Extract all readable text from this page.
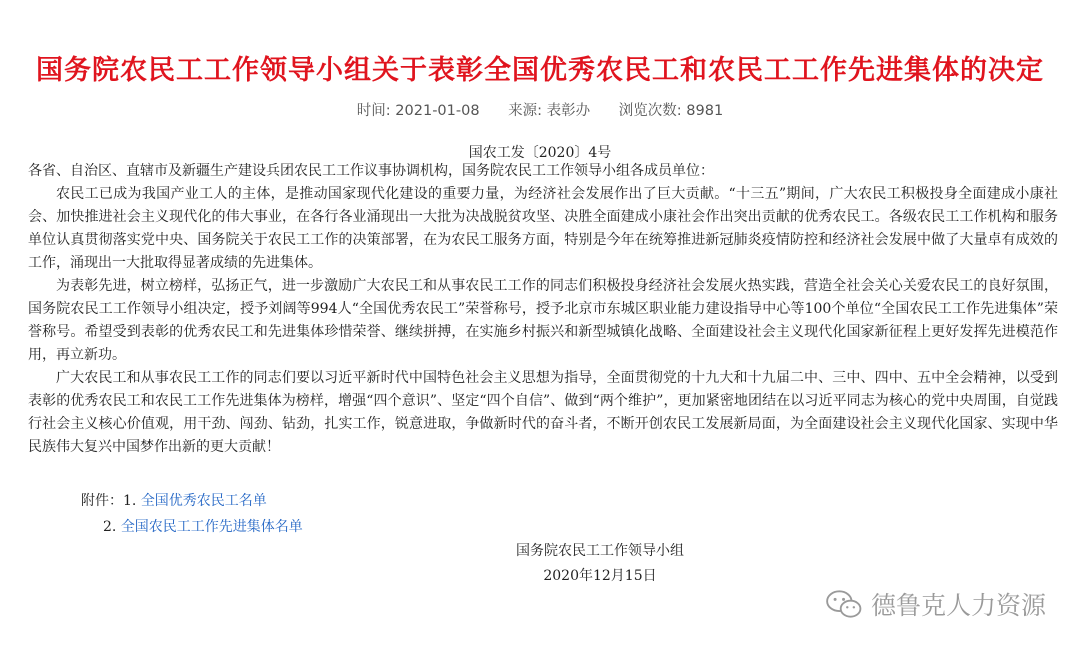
国务院农民工工作领导小组关于表彰全国优秀农民工和农民工工作先进集体的决定
时间: 2021-01-08 来源: 表彰办 浏览次数: 8981
国农工发〔2020〕4号

各省、自治区、直辖市及新疆生产建设兵团农民工工作议事协调机构，国务院农民工工作领导小组各成员单位：

农民工已成为我国产业工人的主体，是推动国家现代化建设的重要力量，为经济社会发展作出了巨大贡献。“十三五”期间，广大农民工积极投身全面建成小康社会、加快推进社会主义现代化的伟大事业，在各行各业涌现出一大批为决战脱贫攻坚、决胜全面建成小康社会作出突出贡献的优秀农民工。各级农民工工作机构和服务单位认真贯彻落实党中央、国务院关于农民工工作的决策部署，在为农民工服务方面，特别是今年在统筹推进新冠肺炎疫情防控和经济社会发展中做了大量卓有成效的工作，涌现出一大批取得显著成绩的先进集体。

为表彰先进，树立榜样，弘扬正气，进一步激励广大农民工和从事农民工工作的同志们积极投身经济社会发展火热实践，营造全社会关心关爱农民工的良好氛围，国务院农民工工作领导小组决定，授予刘阔等994人“全国优秀农民工”荣誉称号，授予北京市东城区职业能力建设指导中心等100个单位“全国农民工工作先进集体”荣誉称号。希望受到表彰的优秀农民工和先进集体珍惜荣誉、继续拼搏，在实施乡村振兴和新型城镇化战略、全面建设社会主义现代化国家新征程上更好发挥先进模范作用，再立新功。

广大农民工和从事农民工工作的同志们要以习近平新时代中国特色社会主义思想为指导，全面贯彻党的十九大和十九届二中、三中、四中、五中全会精神，以受到表彰的优秀农民工和农民工工作先进集体为榜样，增强“四个意识”、坚定“四个自信”、做到“两个维护”，更加紧密地团结在以习近平同志为核心的党中央周围，自觉践行社会主义核心价值观，用干劲、闯劲、钻劲，扎实工作，锐意进取，争做新时代的奋斗者，不断开创农民工发展新局面，为全面建设社会主义现代化国家、实现中华民族伟大复兴中国梦作出新的更大贡献！

附件：1. 全国优秀农民工名单
2. 全国农民工工作先进集体名单
国务院农民工工作领导小组
2020年12月15日
德鲁克人力资源
